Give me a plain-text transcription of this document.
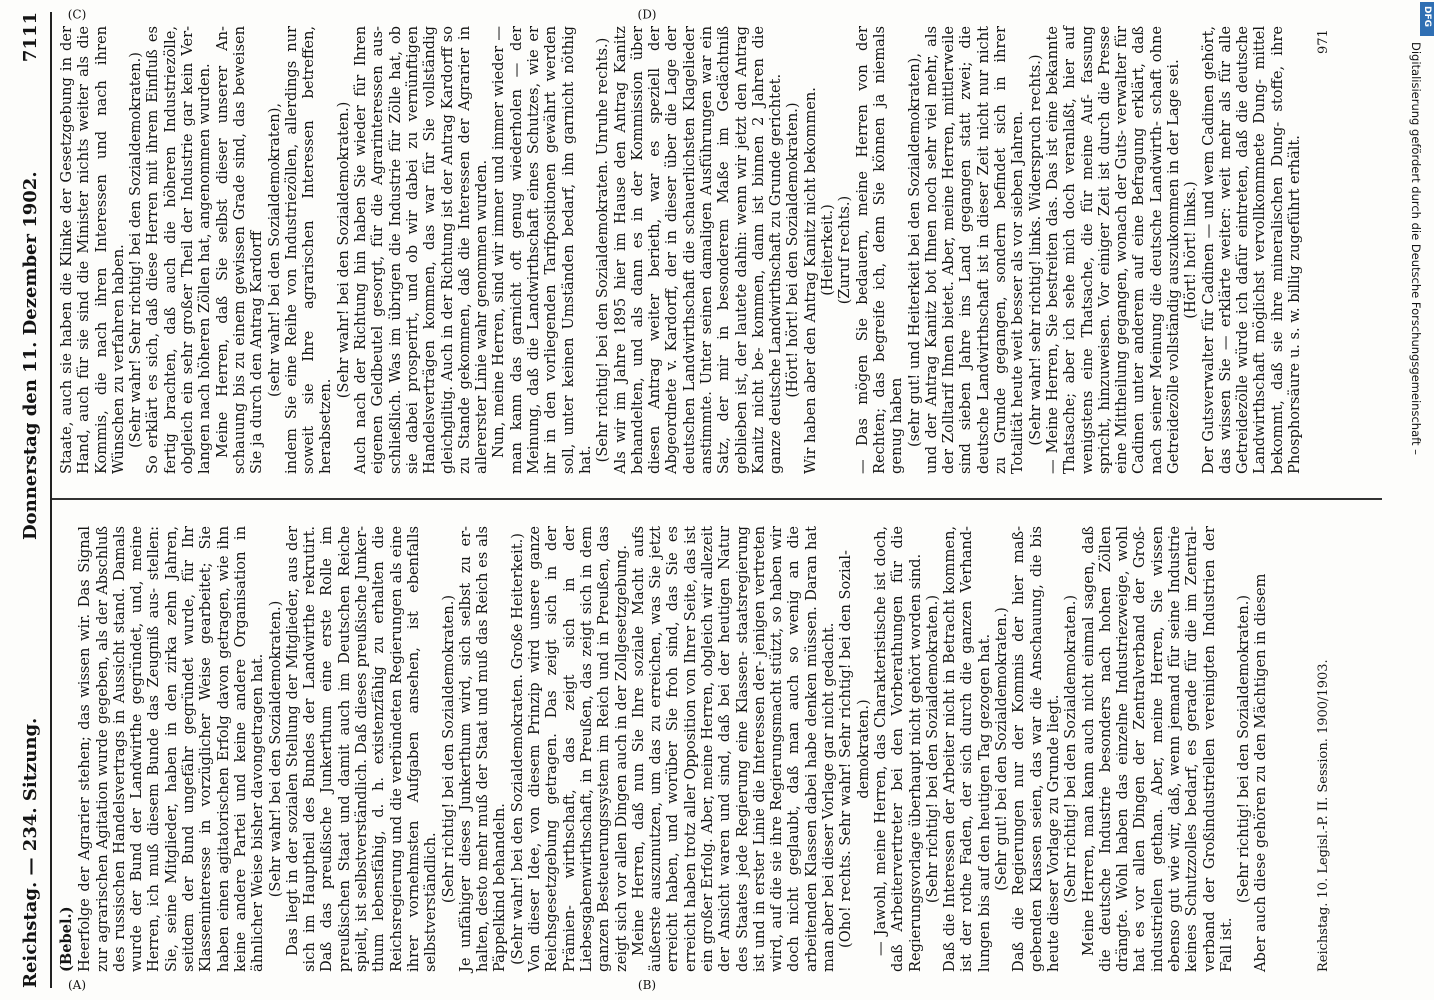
Reichstag. — 234. Sitzung.
Donnerstag den 11. Dezember 1902.
7111
(A)	(B)
(C)	(D)
(Bebel.) Heerfolge der Agrarier stehen; das wissen wir. Das Signal zur agrarischen Agitation wurde gegeben, als der Abschluß des russischen Handelsvertrags in Aussicht stand. Damals wurde der Bund der Landwirthe gegründet, und, meine Herren, ich muß diesem Bunde das Zeugniß aus- stellen: Sie, seine Mitglieder, haben in den zirka zehn Jahren, seitdem der Bund ungefähr gegründet wurde, für Ihr Klasseninteresse in vorzüglicher Weise gearbeitet; Sie haben einen agitatorischen Erfolg davon getragen, wie ihn keine andere Partei und keine andere Organisation in ähnlicher Weise bisher davongetragen hat. (Sehr wahr! bei den Sozialdemokraten.) Das liegt in der sozialen Stellung der Mitglieder, aus der sich im Hauptheil des Bundes der Landwirthe rekrutirt. Daß das preußische Junkerthum eine erste Rolle im preußischen Staat und damit auch im Deutschen Reiche spielt, ist selbstverständlich. Daß dieses preußische Junker- thum lebensfähig, d. h. existenzfähig zu erhalten die Reichsregierung und die verbündeten Regierungen als eine ihrer vornehmsten Aufgaben ansehen, ist ebenfalls selbstverständlich. (Sehr richtig! bei den Sozialdemokraten.) Je unfähiger dieses Junkerthum wird, sich selbst zu er- halten, desto mehr muß der Staat und muß das Reich es als Päppelkind behandeln. (Sehr wahr! bei den Sozialdemokraten. Große Heiterkeit.) Von dieser Idee, von diesem Prinzip wird unsere ganze Reichsgesetzgebung getragen. Das zeigt sich in der Prämien- wirthschaft, das zeigt sich in der Liebesgabenwirthschaft, in Preußen, das zeigt sich in dem ganzen Besteuerungssystem im Reich und in Preußen, das zeigt sich vor allen Dingen auch in der Zollgesetzgebung. Meine Herren, daß nun Sie Ihre soziale Macht aufs äußerste auszunutzen, um das zu erreichen, was Sie jetzt erreicht haben, und worüber Sie froh sind, das Sie es erreicht haben trotz aller Opposition von Ihrer Seite, das ist ein großer Erfolg. Aber, meine Herren, obgleich wir allezeit der Ansicht waren und sind, daß bei der heutigen Natur des Staates jede Regierung eine Klassen- staatsregierung ist und in erster Linie die Interessen der- jenigen vertreten wird, auf die sie ihre Regierungsmacht stützt, so haben wir doch nicht geglaubt, daß man auch so wenig an die arbeitenden Klassen dabei habe denken müssen. Daran hat man aber bei dieser Vorlage gar nicht gedacht. (Oho! rechts. Sehr wahr! Sehr richtig! bei den Sozial- demokraten.) — Jawohl, meine Herren, das Charakteristische ist doch, daß Arbeitervertreter bei den Vorberathungen für die Regierungsvorlage überhaupt nicht gehört worden sind. (Sehr richtig! bei den Sozialdemokraten.) Daß die Interessen der Arbeiter nicht in Betracht kommen, ist der rothe Faden, der sich durch die ganzen Verhand- lungen bis auf den heutigen Tag gezogen hat. (Sehr gut! bei den Sozialdemokraten.) Daß die Regierungen nur der Kommis der hier maß- gebenden Klassen seien, das war die Anschauung, die bis heute dieser Vorlage zu Grunde liegt. (Sehr richtig! bei den Sozialdemokraten.) Meine Herren, man kann auch nicht einmal sagen, daß die deutsche Industrie besonders nach hohen Zöllen drängte. Wohl haben das einzelne Industriezweige, wohl hat es vor allen Dingen der Zentralverband der Groß- industriellen gethan. Aber, meine Herren, Sie wissen ebenso gut wie wir, daß, wenn jemand für seine Industrie keines Schutzzolles bedarf, es gerade für die im Zentral- verband der Großindustriellen vereinigten Industrien der Fall ist.

(Sehr richtig! bei den Sozialdemokraten.) Aber auch diese gehören zu den Mächtigen in diesem

Staate, auch sie haben die Klinke der Gesetzgebung in der Hand, auch für sie sind die Minister nichts weiter als die Kommis, die nach ihren Interessen und nach ihren Wünschen zu verfahren haben. (Sehr wahr! Sehr richtig! bei den Sozialdemokraten.) So erklärt es sich, daß diese Herren mit ihrem Einfluß es fertig brachten, daß auch die höheren Industriezölle, obgleich ein sehr großer Theil der Industrie gar kein Ver- langen nach höheren Zöllen hat, angenommen wurden. Meine Herren, daß Sie selbst dieser unserer An- schauung bis zu einem gewissen Grade sind, das beweisen Sie ja durch den Antrag Kardorff (sehr wahr! bei den Sozialdemokraten), indem Sie eine Reihe von Industriezöllen, allerdings nur soweit sie Ihre agrarischen Interessen betreffen, herabsetzen.

(Sehr wahr! bei den Sozialdemokraten.) Auch nach der Richtung hin haben Sie wieder für Ihren eigenen Geldbeutel gesorgt, für die Agrarinteressen aus- schließlich. Was im übrigen die Industrie für Zölle hat, ob sie dabei prosperirt, und ob wir dabei zu vernünftigen Handelsverträgen kommen, das war für Sie vollständig gleichgiltig. Auch in der Richtung ist der Antrag Kardorff so zu Stande gekommen, daß die Interessen der Agrarier in allererster Linie wahr genommen wurden. Nun, meine Herren, sind wir immer und immer wieder — man kann das garnicht oft genug wiederholen — der Meinung, daß die Landwirthschaft eines Schutzes, wie er ihr in den vorliegenden Tarifpositionen gewährt werden soll, unter keinen Umständen bedarf, ihn garnicht nöthig hat. (Sehr richtig! bei den Sozialdemokraten. Unruhe rechts.) Als wir im Jahre 1895 hier im Hause den Antrag Kanitz behandelten, und als dann es in der Kommission über diesen Antrag weiter berieth, war es speziell der Abgeordnete v. Kardorff, der in dieser über die Lage der deutschen Landwirthschaft die schauerlichsten Klagelieder anstimmte. Unter seinen damaligen Ausführungen war ein Satz, der mir in besonderem Maße im Gedächtniß geblieben ist, der lautete dahin: wenn wir jetzt den Antrag Kanitz nicht be- kommen, dann ist binnen 2 Jahren die ganze deutsche Landwirthschaft zu Grunde gerichtet. (Hört! hört! bei den Sozialdemokraten.) Wir haben aber den Antrag Kanitz nicht bekommen. (Heiterkeit.) (Zuruf rechts.) — Das mögen Sie bedauern, meine Herren von der Rechten; das begreife ich, denn Sie können ja niemals genug haben (sehr gut! und Heiterkeit bei den Sozialdemokraten), und der Antrag Kanitz bot Ihnen noch sehr viel mehr, als der Zolltarif Ihnen bietet. Aber, meine Herren, mittlerweile sind sieben Jahre ins Land gegangen statt zwei; die deutsche Landwirthschaft ist in dieser Zeit nicht nur nicht zu Grunde gegangen, sondern befindet sich in ihrer Totalität heute weit besser als vor sieben Jahren. (Sehr wahr! sehr richtig! links. Widerspruch rechts.) — Meine Herren, Sie bestreiten das. Das ist eine bekannte Thatsache; aber ich sehe mich doch veranlaßt, hier auf wenigstens eine Thatsache, die für meine Auf- fassung spricht, hinzuweisen. Vor einiger Zeit ist durch die Presse eine Mittheilung gegangen, wonach der Guts- verwalter für Cadinen unter anderem auf eine Befragung erklärt, daß nach seiner Meinung die deutsche Landwirth- schaft ohne Getreidezölle vollständig auszukommen in der Lage sei. (Hört! hört! links.) Der Gutsverwalter für Cadinen — und wem Cadinen gehört, das wissen Sie — erklärte weiter: weit mehr als für alle Getreidezölle würde ich dafür eintreten, daß die deutsche Landwirthschaft möglichst vervollkommnete Dung- mittel bekommt, daß sie ihre mineralischen Dung- stoffe, ihre Phosphorsäure u. s. w. billig zugeführt erhält.

Reichstag. 10. Legisl.-P. II. Session. 1900/1903.
971
DFG
Digitalisierung gefördert durch die Deutsche Forschungsgemeinschaft –
